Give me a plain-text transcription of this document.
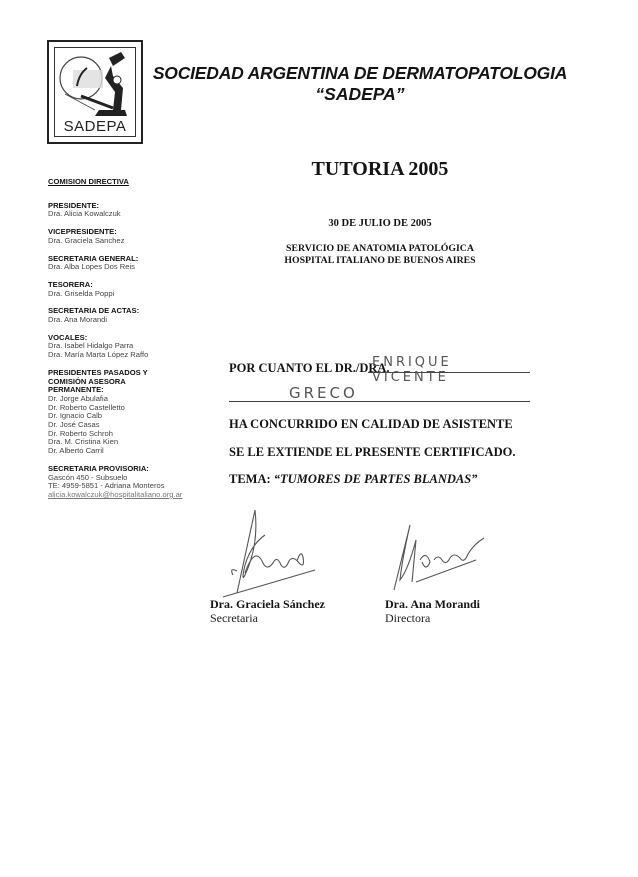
SADEPA
SOCIEDAD ARGENTINA DE DERMATOPATOLOGIA
“SADEPA”
COMISION DIRECTIVA
PRESIDENTE:
Dra. Alicia Kowalczuk
VICEPRESIDENTE:
Dra. Graciela Sanchez
SECRETARIA GENERAL:
Dra. Alba Lopes Dos Reis
TESORERA:
Dra. Griselda Poppi
SECRETARIA DE ACTAS:
Dra. Ana Morandi
VOCALES:
Dra. Isabel Hidalgo Parra
Dra. María Marta López Raffo
PRESIDENTES PASADOS Y
COMISIÓN ASESORA
PERMANENTE:
Dr. Jorge Abulafia
Dr. Roberto Castelletto
Dr. Ignacio Calb
Dr. José Casas
Dr. Roberto Schroh
Dra. M. Cristina Kien
Dr. Alberto Carril
SECRETARIA PROVISORIA:
Gascón 450 - Subsuelo
TE: 4959-5851 - Adriana Monteros
alicia.kowalczuk@hospitalitaliano.org.ar
TUTORIA 2005
30 DE JULIO DE 2005
SERVICIO DE ANATOMIA PATOLÓGICA
HOSPITAL ITALIANO DE BUENOS AIRES
POR CUANTO EL DR./DRA.
ENRIQUE VICENTE
GRECO
HA CONCURRIDO EN CALIDAD DE ASISTENTE
SE LE EXTIENDE EL PRESENTE CERTIFICADO.
TEMA: “TUMORES DE PARTES BLANDAS”
Dra. Graciela Sánchez
Secretaria
Dra. Ana Morandi
Directora
